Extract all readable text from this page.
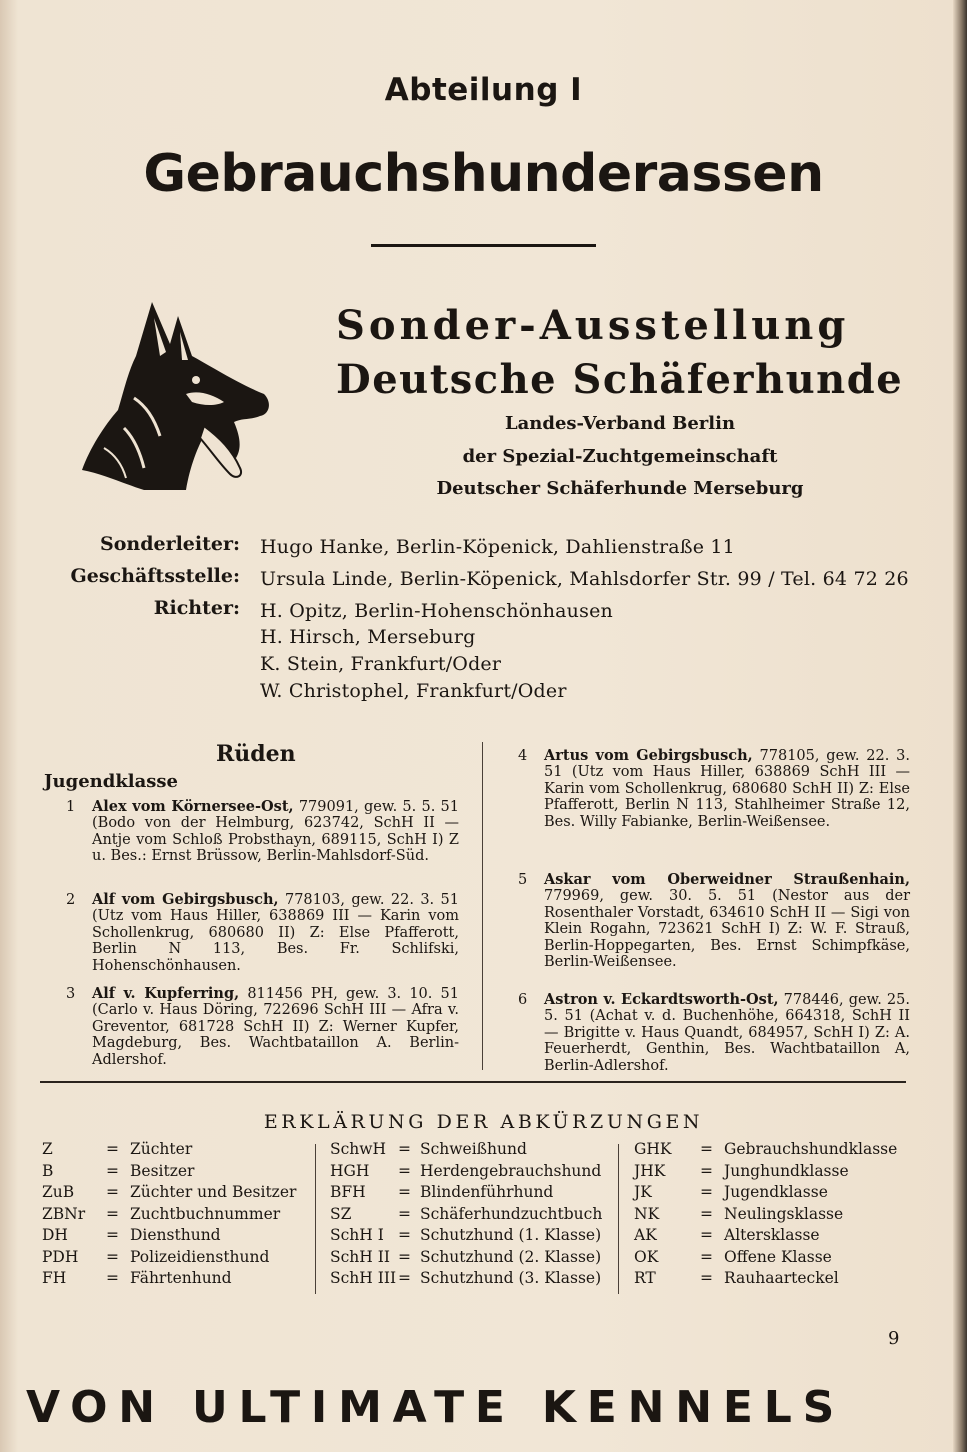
Abteilung I
Gebrauchshunderassen
Sonder-Ausstellung
Deutsche Schäferhunde
Landes-Verband Berlin
der Spezial-Zuchtgemeinschaft
Deutscher Schäferhunde Merseburg
Sonderleiter: Hugo Hanke, Berlin-Köpenick, Dahlienstraße 11
Geschäftsstelle: Ursula Linde, Berlin-Köpenick, Mahlsdorfer Str. 99 / Tel. 64 72 26
Richter: H. Opitz, Berlin-Hohenschönhausen
H. Hirsch, Merseburg
K. Stein, Frankfurt/Oder
W. Christophel, Frankfurt/Oder
Rüden
Jugendklasse
1 Alex vom Körnersee-Ost, 779091, gew. 5. 5. 51 (Bodo von der Helmburg, 623742, SchH II — Antje vom Schloß Probsthayn, 689115, SchH I) Z u. Bes.: Ernst Brüssow, Berlin-Mahlsdorf-Süd.
2 Alf vom Gebirgsbusch, 778103, gew. 22. 3. 51 (Utz vom Haus Hiller, 638869 III — Karin vom Schollenkrug, 680680 II) Z: Else Pfafferott, Berlin N 113, Bes. Fr. Schlifski, Hohenschönhausen.
3 Alf v. Kupferring, 811456 PH, gew. 3. 10. 51 (Carlo v. Haus Döring, 722696 SchH III — Afra v. Greventor, 681728 SchH II) Z: Werner Kupfer, Magdeburg, Bes. Wachtbataillon A. Berlin-Adlershof.
4 Artus vom Gebirgsbusch, 778105, gew. 22. 3. 51 (Utz vom Haus Hiller, 638869 SchH III — Karin vom Schollenkrug, 680680 SchH II) Z: Else Pfafferott, Berlin N 113, Stahlheimer Straße 12, Bes. Willy Fabianke, Berlin-Weißensee.
5 Askar vom Oberweidner Straußenhain, 779969, gew. 30. 5. 51 (Nestor aus der Rosenthaler Vorstadt, 634610 SchH II — Sigi von Klein Rogahn, 723621 SchH I) Z: W. F. Strauß, Berlin-Hoppegarten, Bes. Ernst Schimpfkäse, Berlin-Weißensee.
6 Astron v. Eckardtsworth-Ost, 778446, gew. 25. 5. 51 (Achat v. d. Buchenhöhe, 664318, SchH II — Brigitte v. Haus Quandt, 684957, SchH I) Z: A. Feuerherdt, Genthin, Bes. Wachtbataillon A, Berlin-Adlershof.
ERKLÄRUNG DER ABKÜRZUNGEN
Z	= Züchter
B	= Besitzer
ZuB = Züchter und Besitzer
ZBNr = Zuchtbuchnummer
DH = Diensthund
PDH = Polizeidiensthund
FH	= Fährtenhund
SchwH = Schweißhund
HGH = Herdengebrauchshund
BFH = Blindenführhund
SZ	= Schäferhundzuchtbuch
SchH I = Schutzhund (1. Klasse)
SchH II = Schutzhund (2. Klasse)
SchH III = Schutzhund (3. Klasse)
GHK = Gebrauchshundklasse
JHK = Junghundklasse
JK	= Jugendklasse
NK	= Neulingsklasse
AK	= Altersklasse
OK	= Offene Klasse
RT	= Rauhaarteckel
9
VON ULTIMATE KENNELS
